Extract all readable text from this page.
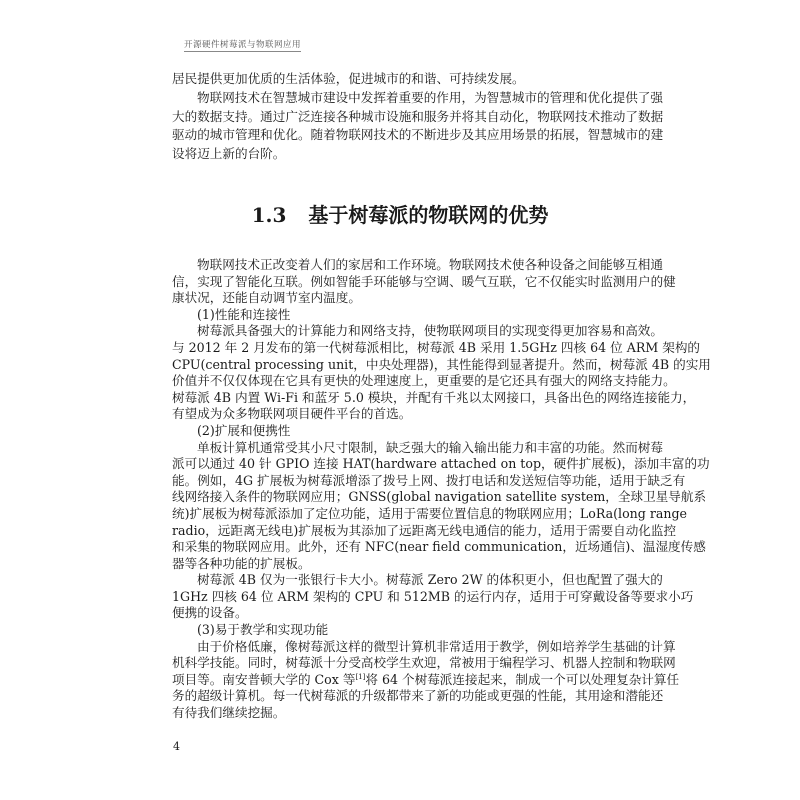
开源硬件树莓派与物联网应用
居民提供更加优质的生活体验，促进城市的和谐、可持续发展。
物联网技术在智慧城市建设中发挥着重要的作用，为智慧城市的管理和优化提供了强
大的数据支持。通过广泛连接各种城市设施和服务并将其自动化，物联网技术推动了数据
驱动的城市管理和优化。随着物联网技术的不断进步及其应用场景的拓展，智慧城市的建
设将迈上新的台阶。
1.3 基于树莓派的物联网的优势
物联网技术正改变着人们的家居和工作环境。物联网技术使各种设备之间能够互相通
信，实现了智能化互联。例如智能手环能够与空调、暖气互联，它不仅能实时监测用户的健
康状况，还能自动调节室内温度。
(1)性能和连接性
树莓派具备强大的计算能力和网络支持，使物联网项目的实现变得更加容易和高效。
与 2012 年 2 月发布的第一代树莓派相比，树莓派 4B 采用 1.5GHz 四核 64 位 ARM 架构的
CPU(central processing unit，中央处理器)，其性能得到显著提升。然而，树莓派 4B 的实用
价值并不仅仅体现在它具有更快的处理速度上，更重要的是它还具有强大的网络支持能力。
树莓派 4B 内置 Wi-Fi 和蓝牙 5.0 模块，并配有千兆以太网接口，具备出色的网络连接能力，
有望成为众多物联网项目硬件平台的首选。
(2)扩展和便携性
单板计算机通常受其小尺寸限制，缺乏强大的输入输出能力和丰富的功能。然而树莓
派可以通过 40 针 GPIO 连接 HAT(hardware attached on top，硬件扩展板)，添加丰富的功
能。例如，4G 扩展板为树莓派增添了拨号上网、拨打电话和发送短信等功能，适用于缺乏有
线网络接入条件的物联网应用；GNSS(global navigation satellite system，全球卫星导航系
统)扩展板为树莓派添加了定位功能，适用于需要位置信息的物联网应用；LoRa(long range
radio，远距离无线电)扩展板为其添加了远距离无线电通信的能力，适用于需要自动化监控
和采集的物联网应用。此外，还有 NFC(near field communication，近场通信)、温湿度传感
器等各种功能的扩展板。
树莓派 4B 仅为一张银行卡大小。树莓派 Zero 2W 的体积更小，但也配置了强大的
1GHz 四核 64 位 ARM 架构的 CPU 和 512MB 的运行内存，适用于可穿戴设备等要求小巧
便携的设备。
(3)易于教学和实现功能
由于价格低廉，像树莓派这样的微型计算机非常适用于教学，例如培养学生基础的计算
机科学技能。同时，树莓派十分受高校学生欢迎，常被用于编程学习、机器人控制和物联网
项目等。南安普顿大学的 Cox 等[1]将 64 个树莓派连接起来，制成一个可以处理复杂计算任
务的超级计算机。每一代树莓派的升级都带来了新的功能或更强的性能，其用途和潜能还
有待我们继续挖掘。
4
